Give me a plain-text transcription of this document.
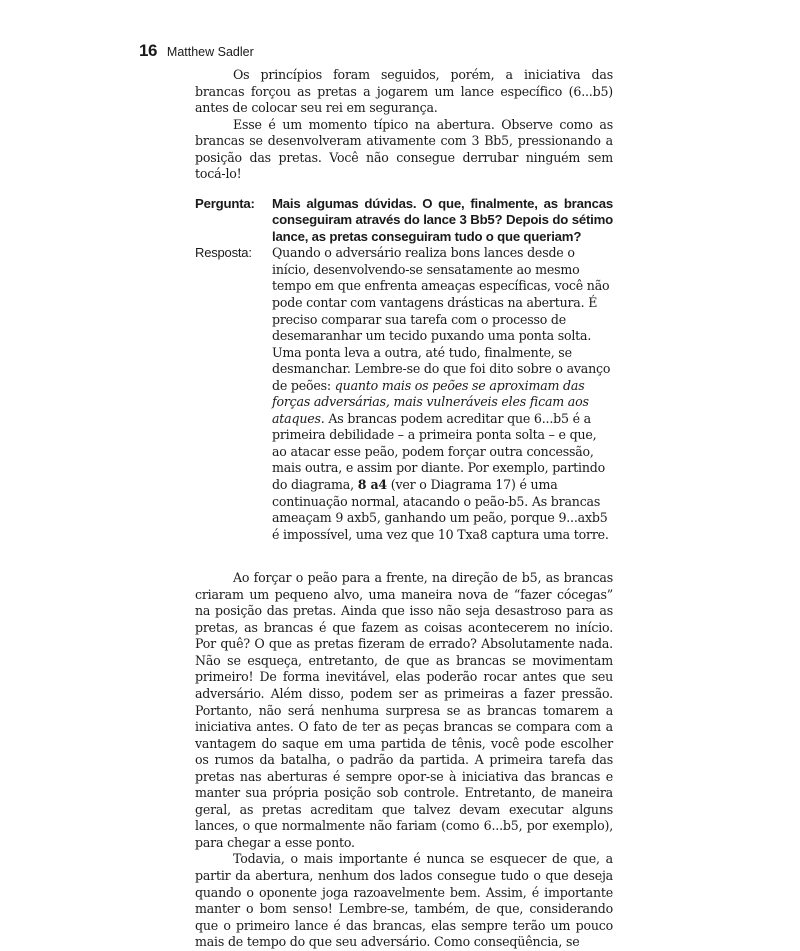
16 Matthew Sadler

Os princípios foram seguidos, porém, a iniciativa das brancas forçou as pretas a jogarem um lance específico (6...b5) antes de colocar seu rei em segurança.

Esse é um momento típico na abertura. Observe como as brancas se desenvolveram ativamente com 3 Bb5, pressionando a posição das pretas. Você não consegue derrubar ninguém sem tocá-lo!

Pergunta:	Mais algumas dúvidas. O que, finalmente, as brancas conseguiram através do lance 3 Bb5? Depois do sétimo lance, as pretas conseguiram tudo o que queriam?
Resposta:	Quando o adversário realiza bons lances desde o início, desenvolvendo-se sensatamente ao mesmo tempo em que enfrenta ameaças específicas, você não pode contar com vantagens drásticas na abertura. É preciso comparar sua tarefa com o processo de desemaranhar um tecido puxando uma ponta solta. Uma ponta leva a outra, até tudo, finalmente, se desmanchar. Lembre-se do que foi dito sobre o avanço de peões: quanto mais os peões se aproximam das forças adversárias, mais vulneráveis eles ficam aos ataques. As brancas podem acreditar que 6...b5 é a primeira debilidade – a primeira ponta solta – e que, ao atacar esse peão, podem forçar outra concessão, mais outra, e assim por diante. Por exemplo, partindo do diagrama, 8 a4 (ver o Diagrama 17) é uma continuação normal, atacando o peão-b5. As brancas ameaçam 9 axb5, ganhando um peão, porque 9...axb5 é impossível, uma vez que 10 Txa8 captura uma torre.

Ao forçar o peão para a frente, na direção de b5, as brancas criaram um pequeno alvo, uma maneira nova de “fazer cócegas” na posição das pretas. Ainda que isso não seja desastroso para as pretas, as brancas é que fazem as coisas acontecerem no início. Por quê? O que as pretas fizeram de errado? Absolutamente nada. Não se esqueça, entretanto, de que as brancas se movimentam primeiro! De forma inevitável, elas poderão rocar antes que seu adversário. Além disso, podem ser as primeiras a fazer pressão. Portanto, não será nenhuma surpresa se as brancas tomarem a iniciativa antes. O fato de ter as peças brancas se compara com a vantagem do saque em uma partida de tênis, você pode escolher os rumos da batalha, o padrão da partida. A primeira tarefa das pretas nas aberturas é sempre opor-se à iniciativa das brancas e manter sua própria posição sob controle. Entretanto, de maneira geral, as pretas acreditam que talvez devam executar alguns lances, o que normalmente não fariam (como 6...b5, por exemplo), para chegar a esse ponto.

Todavia, o mais importante é nunca se esquecer de que, a partir da abertura, nenhum dos lados consegue tudo o que deseja quando o oponente joga razoavelmente bem. Assim, é importante manter o bom senso! Lembre-se, também, de que, considerando que o primeiro lance é das brancas, elas sempre terão um pouco mais de tempo do que seu adversário. Como conseqüência, se
